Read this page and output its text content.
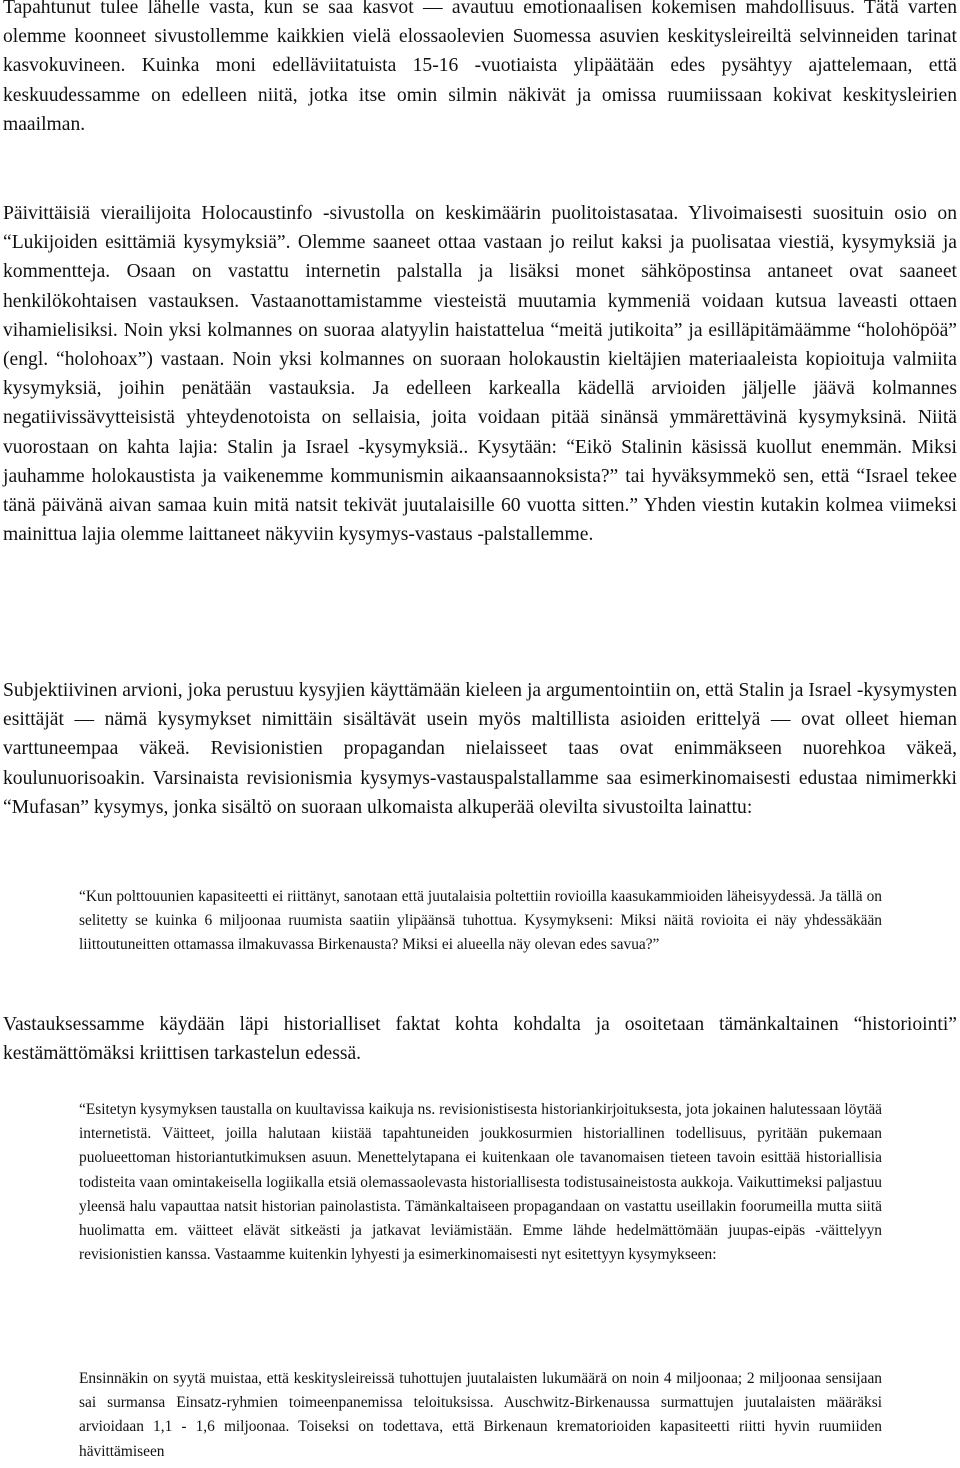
Tapahtunut tulee lähelle vasta, kun se saa kasvot — avautuu emotionaalisen kokemisen mahdollisuus. Tätä varten olemme koonneet sivustollemme kaikkien vielä elossaolevien Suomessa asuvien keskitysleireiltä selvinneiden tarinat kasvokuvineen. Kuinka moni edelläviitatuista 15-16 -vuotiaista ylipäätään edes pysähtyy ajattelemaan, että keskuudessamme on edelleen niitä, jotka itse omin silmin näkivät ja omissa ruumiissaan kokivat keskitysleirien maailman.

Päivittäisiä vierailijoita Holocaustinfo -sivustolla on keskimäärin puolitoistasataa. Ylivoimaisesti suosituin osio on “Lukijoiden esittämiä kysymyksiä”. Olemme saaneet ottaa vastaan jo reilut kaksi ja puolisataa viestiä, kysymyksiä ja kommentteja. Osaan on vastattu internetin palstalla ja lisäksi monet sähköpostinsa antaneet ovat saaneet henkilökohtaisen vastauksen. Vastaanottamistamme viesteistä muutamia kymmeniä voidaan kutsua laveasti ottaen vihamielisiksi. Noin yksi kolmannes on suoraa alatyylin haistattelua “meitä jutikoita” ja esilläpitämäämme “holohöpöä” (engl. “holohoax”) vastaan. Noin yksi kolmannes on suoraan holokaustin kieltäjien materiaaleista kopioituja valmiita kysymyksiä, joihin penätään vastauksia. Ja edelleen karkealla kädellä arvioiden jäljelle jäävä kolmannes negatiivissävytteisistä yhteydenotoista on sellaisia, joita voidaan pitää sinänsä ymmärettävinä kysymyksinä. Niitä vuorostaan on kahta lajia: Stalin ja Israel -kysymyksiä.. Kysytään: “Eikö Stalinin käsissä kuollut enemmän. Miksi jauhamme holokaustista ja vaikenemme kommunismin aikaansaannoksista?” tai hyväksymmekö sen, että “Israel tekee tänä päivänä aivan samaa kuin mitä natsit tekivät juutalaisille 60 vuotta sitten.” Yhden viestin kutakin kolmea viimeksi mainittua lajia olemme laittaneet näkyviin kysymys-vastaus -palstallemme.

Subjektiivinen arvioni, joka perustuu kysyjien käyttämään kieleen ja argumentointiin on, että Stalin ja Israel -kysymysten esittäjät — nämä kysymykset nimittäin sisältävät usein myös maltillista asioiden erittelyä — ovat olleet hieman varttuneempaa väkeä. Revisionistien propagandan nielaisseet taas ovat enimmäkseen nuorehkoa väkeä, koulunuorisoakin. Varsinaista revisionismia kysymys-vastauspalstallamme saa esimerkinomaisesti edustaa nimimerkki “Mufasan” kysymys, jonka sisältö on suoraan ulkomaista alkuperää olevilta sivustoilta lainattu:

“Kun polttouunien kapasiteetti ei riittänyt, sanotaan että juutalaisia poltettiin rovioilla kaasukammioiden läheisyydessä. Ja tällä on selitetty se kuinka 6 miljoonaa ruumista saatiin ylipäänsä tuhottua. Kysymykseni: Miksi näitä rovioita ei näy yhdessäkään liittoutuneitten ottamassa ilmakuvassa Birkenausta? Miksi ei alueella näy olevan edes savua?”

Vastauksessamme käydään läpi historialliset faktat kohta kohdalta ja osoitetaan tämänkaltainen “historiointi” kestämättömäksi kriittisen tarkastelun edessä.

“Esitetyn kysymyksen taustalla on kuultavissa kaikuja ns. revisionistisesta historiankirjoituksesta, jota jokainen halutessaan löytää internetistä. Väitteet, joilla halutaan kiistää tapahtuneiden joukkosurmien historiallinen todellisuus, pyritään pukemaan puolueettoman historiantutkimuksen asuun. Menettelytapana ei kuitenkaan ole tavanomaisen tieteen tavoin esittää historiallisia todisteita vaan omintakeisella logiikalla etsiä olemassaolevasta historiallisesta todistusaineistosta aukkoja. Vaikuttimeksi paljastuu yleensä halu vapauttaa natsit historian painolastista. Tämänkaltaiseen propagandaan on vastattu useillakin foorumeilla mutta siitä huolimatta em. väitteet elävät sitkeästi ja jatkavat leviämistään. Emme lähde hedelmättömään juupas-eipäs -väittelyyn revisionistien kanssa. Vastaamme kuitenkin lyhyesti ja esimerkinomaisesti nyt esitettyyn kysymykseen:

Ensinnäkin on syytä muistaa, että keskitysleireissä tuhottujen juutalaisten lukumäärä on noin 4 miljoonaa; 2 miljoonaa sensijaan sai surmansa Einsatz-ryhmien toimeenpanemissa teloituksissa. Auschwitz-Birkenaussa surmattujen juutalaisten määräksi arvioidaan 1,1 - 1,6 miljoonaa. Toiseksi on todettava, että Birkenaun krematorioiden kapasiteetti riitti hyvin ruumiiden hävittämiseen
